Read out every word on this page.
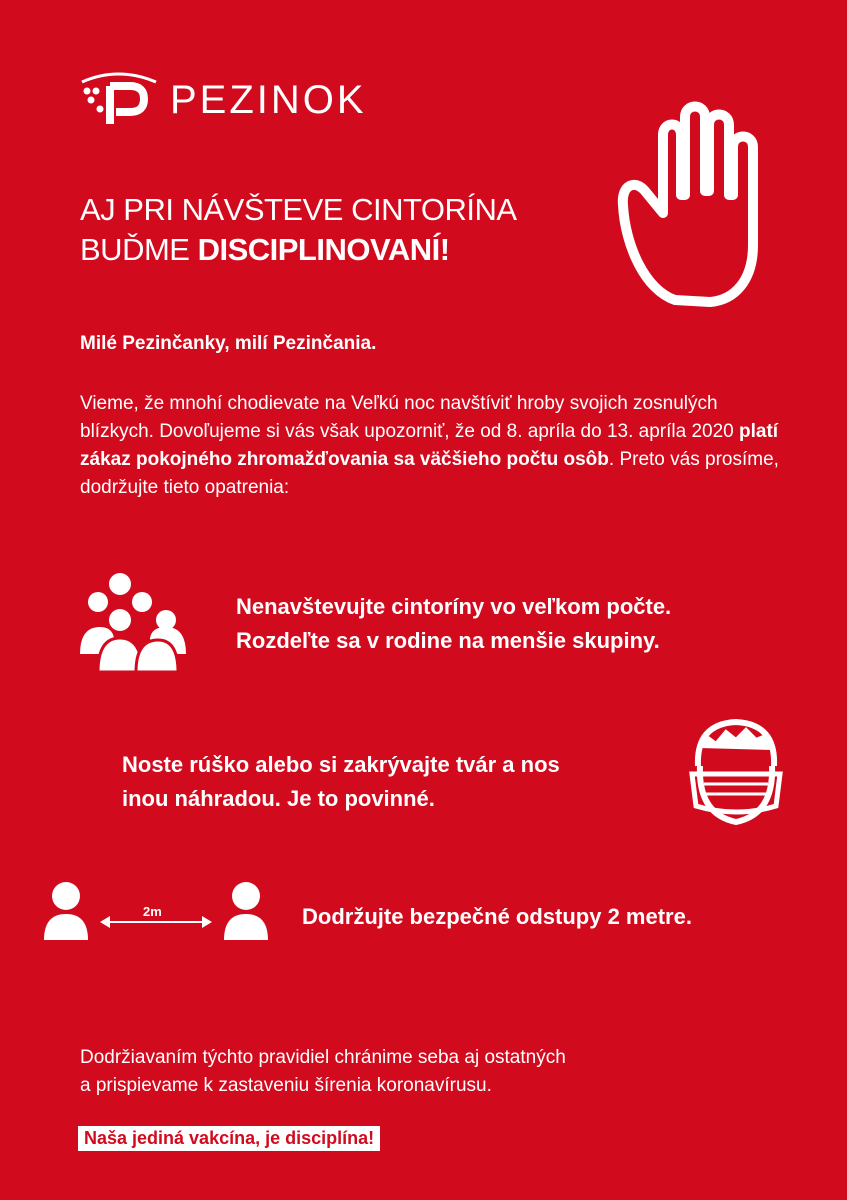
PEZINOK
AJ PRI NÁVŠTEVE CINTORÍNA
BUĎME DISCIPLINOVANÍ!
Milé Pezinčanky, milí Pezinčania.
Vieme, že mnohí chodievate na Veľkú noc navštíviť hroby svojich zosnulých blízkych. Dovoľujeme si vás však upozorniť, že od 8. apríla do 13. apríla 2020 platí zákaz pokojného zhromažďovania sa väčšieho počtu osôb. Preto vás prosíme, dodržujte tieto opatrenia:
Nenavštevujte cintoríny vo veľkom počte.
Rozdeľte sa v rodine na menšie skupiny.
Noste rúško alebo si zakrývajte tvár a nos
inou náhradou. Je to povinné.
2m	Dodržujte bezpečné odstupy 2 metre.
Dodržiavaním týchto pravidiel chránime seba aj ostatných
a prispievame k zastaveniu šírenia koronavírusu.
Naša jediná vakcína, je disciplína!
